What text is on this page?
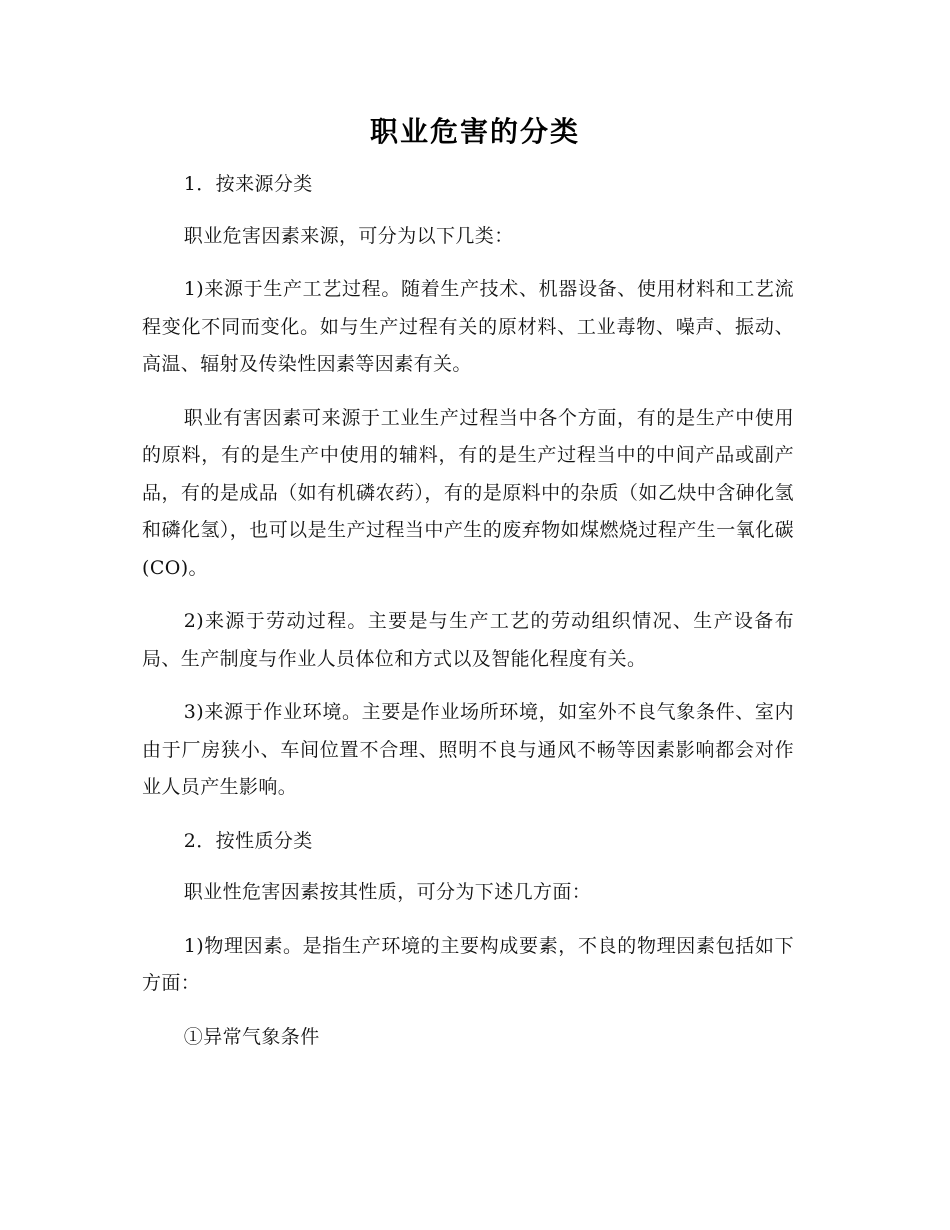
职业危害的分类

1．按来源分类

职业危害因素来源，可分为以下几类：

1)来源于生产工艺过程。随着生产技术、机器设备、使用材料和工艺流程变化不同而变化。如与生产过程有关的原材料、工业毒物、噪声、振动、高温、辐射及传染性因素等因素有关。

职业有害因素可来源于工业生产过程当中各个方面，有的是生产中使用的原料，有的是生产中使用的辅料，有的是生产过程当中的中间产品或副产品，有的是成品（如有机磷农药），有的是原料中的杂质（如乙炔中含砷化氢和磷化氢），也可以是生产过程当中产生的废弃物如煤燃烧过程产生一氧化碳(CO)。

2)来源于劳动过程。主要是与生产工艺的劳动组织情况、生产设备布局、生产制度与作业人员体位和方式以及智能化程度有关。

3)来源于作业环境。主要是作业场所环境，如室外不良气象条件、室内由于厂房狭小、车间位置不合理、照明不良与通风不畅等因素影响都会对作业人员产生影响。

2．按性质分类

职业性危害因素按其性质，可分为下述几方面：

1)物理因素。是指生产环境的主要构成要素，不良的物理因素包括如下方面：

①异常气象条件
